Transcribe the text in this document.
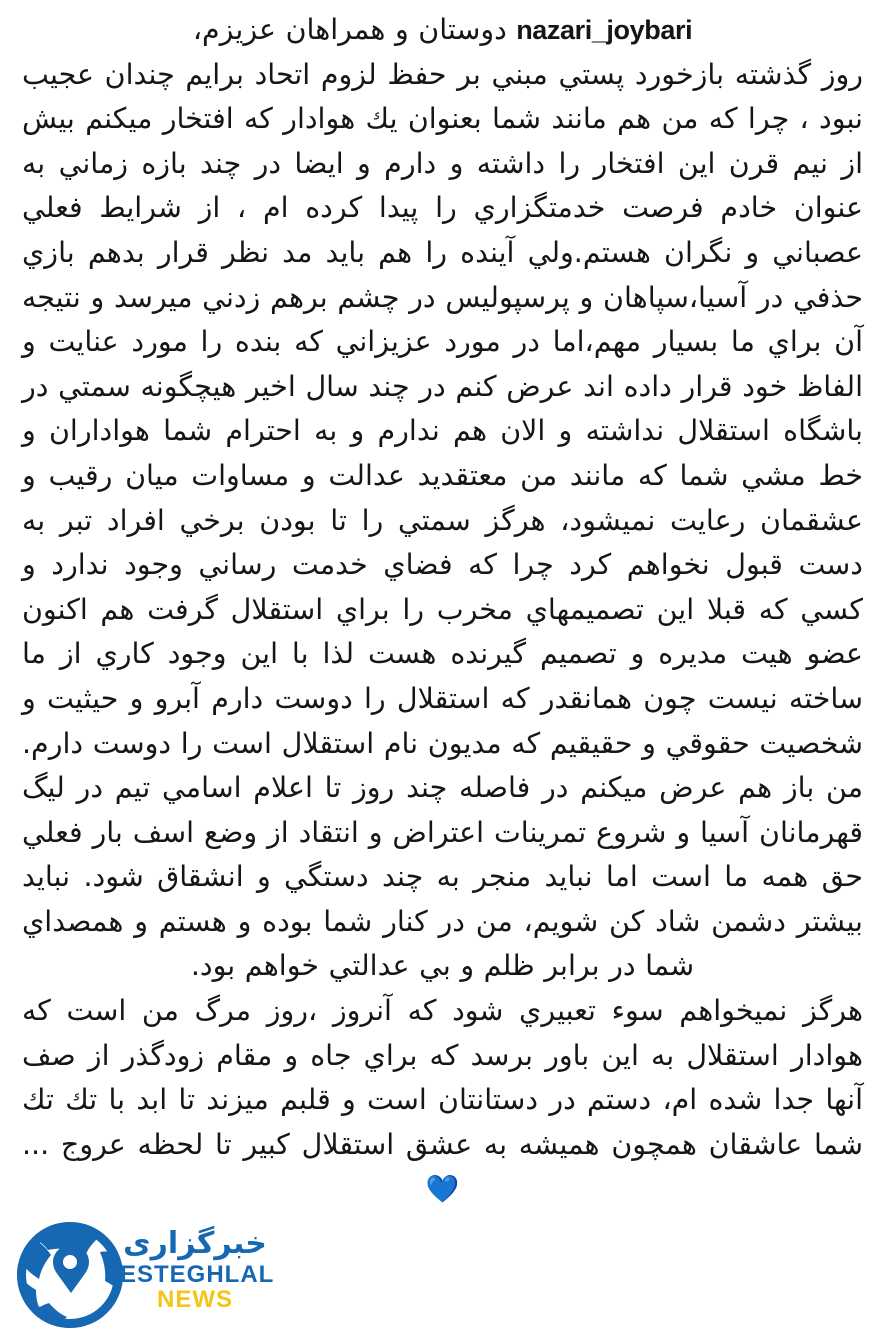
nazari_joybari دوستان و همراهان عزیزم،

روز گذشته بازخورد پستي مبني بر حفظ لزوم اتحاد برايم چندان عجيب نبود ، چرا كه من هم مانند شما بعنوان يك هوادار كه افتخار ميكنم بيش از نيم قرن اين افتخار را داشته و دارم و ايضا در چند بازه زماني به عنوان خادم فرصت خدمتگزاري را پيدا كرده ام ، از شرايط فعلي عصباني و نگران هستم.ولي آينده را هم بايد مد نظر قرار بدهم بازي حذفي در آسيا،سپاهان و پرسپوليس در چشم برهم زدني ميرسد و نتيجه آن براي ما بسيار مهم،اما در مورد عزيزاني كه بنده را مورد عنايت و الفاظ خود قرار داده اند عرض كنم در چند سال اخير هيچگونه سمتي در باشگاه استقلال نداشته و الان هم ندارم و به احترام شما هواداران و خط مشي شما كه مانند من معتقديد عدالت و مساوات ميان رقيب و عشقمان رعايت نميشود، هرگز سمتي را تا بودن برخي افراد تبر به دست قبول نخواهم كرد چرا كه فضاي خدمت رساني وجود ندارد و كسي كه قبلا اين تصميمهاي مخرب را براي استقلال گرفت هم اكنون عضو هيت مديره و تصميم گيرنده هست لذا با اين وجود كاري از ما ساخته نيست چون همانقدر كه استقلال را دوست دارم آبرو و حيثيت و شخصيت حقوقي و حقيقيم كه مديون نام استقلال است را دوست دارم. من باز هم عرض ميكنم در فاصله چند روز تا اعلام اسامي تيم در ليگ قهرمانان آسيا و شروع تمرينات اعتراض و انتقاد از وضع اسف بار فعلي حق همه ما است اما نبايد منجر به چند دستگي و انشقاق شود. نبايد بيشتر دشمن شاد كن شويم، من در كنار شما بوده و هستم و همصداي شما در برابر ظلم و بي عدالتي خواهم بود.

هرگز نميخواهم سوء تعبيري شود كه آنروز ،روز مرگ من است كه هوادار استقلال به اين باور برسد كه براي جاه و مقام زودگذر از صف آنها جدا شده ام، دستم در دستانتان است و قلبم ميزند تا ابد با تك تك شما عاشقان همچون هميشه به عشق استقلال كبير تا لحظه عروج ... 💙

خبرگزاری
ESTEGHLAL
NEWS
